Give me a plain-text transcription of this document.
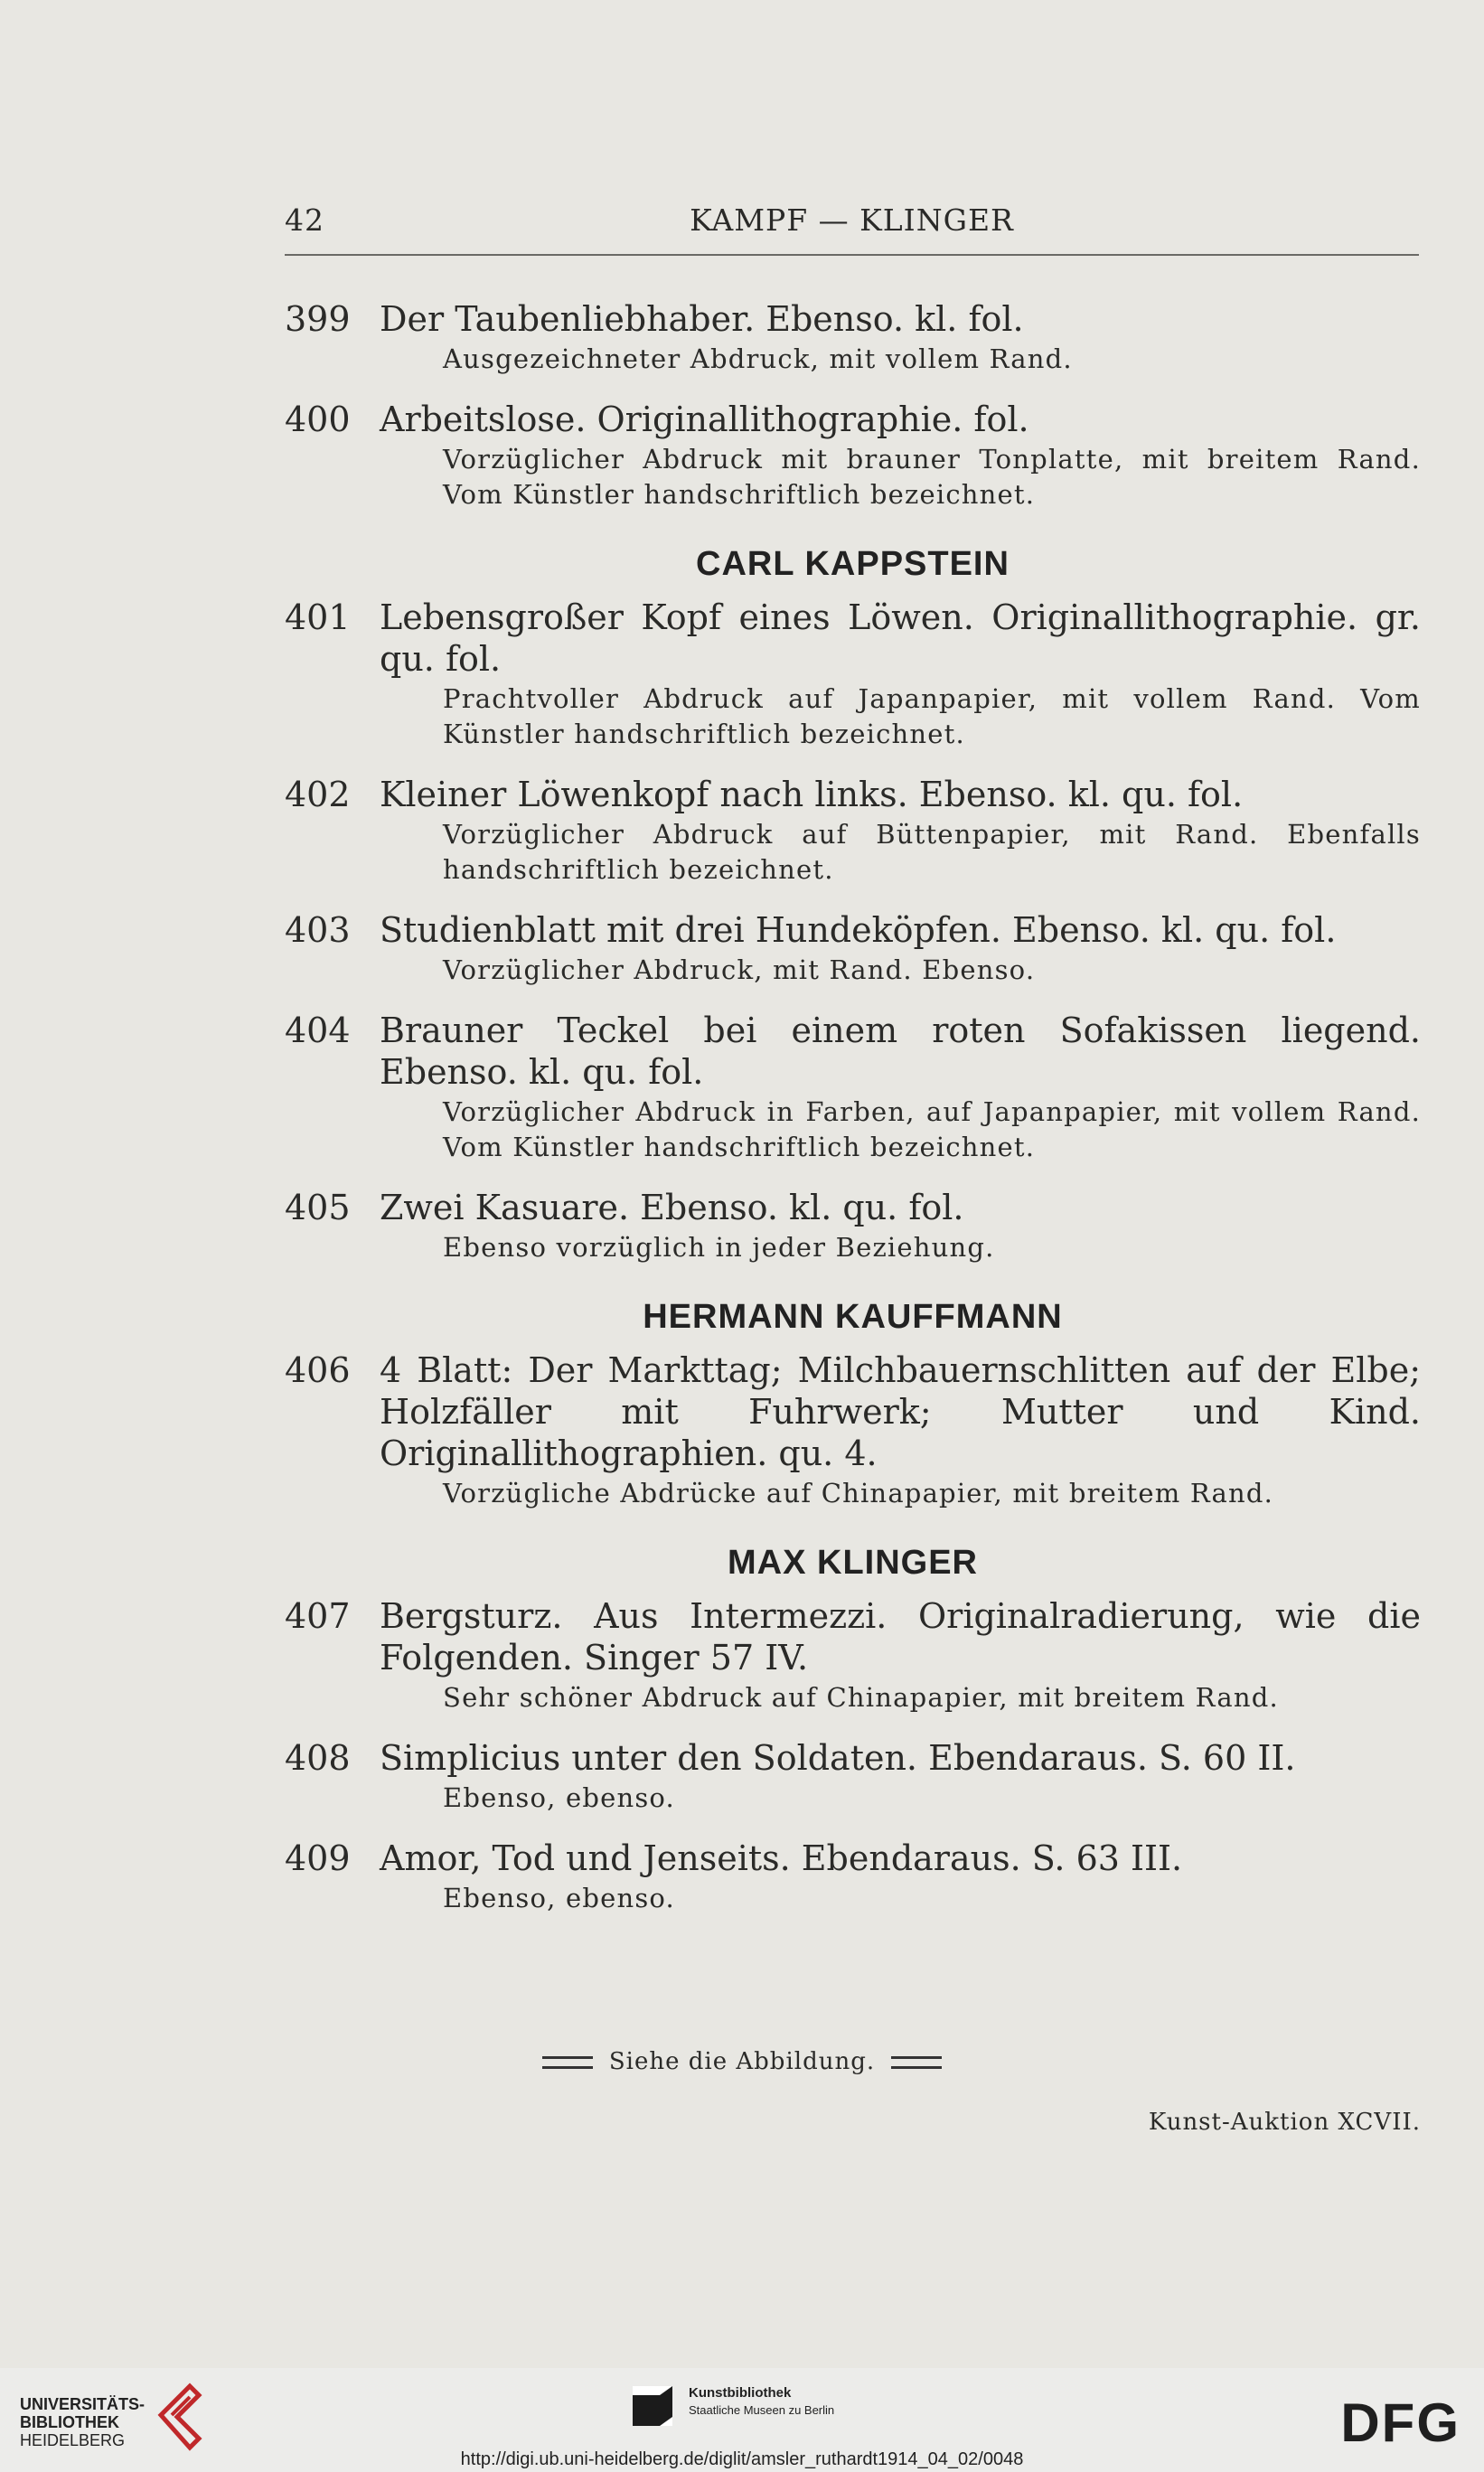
42	KAMPF — KLINGER
399 Der Taubenliebhaber. Ebenso. kl. fol.
Ausgezeichneter Abdruck, mit vollem Rand.
400 Arbeitslose. Originallithographie. fol.
Vorzüglicher Abdruck mit brauner Tonplatte, mit breitem Rand. Vom Künstler handschriftlich bezeichnet.
CARL KAPPSTEIN
401 Lebensgroßer Kopf eines Löwen. Originallithographie. gr. qu. fol.
Prachtvoller Abdruck auf Japanpapier, mit vollem Rand. Vom Künstler handschriftlich bezeichnet.
402 Kleiner Löwenkopf nach links. Ebenso. kl. qu. fol.
Vorzüglicher Abdruck auf Büttenpapier, mit Rand. Ebenfalls handschriftlich bezeichnet.
403 Studienblatt mit drei Hundeköpfen. Ebenso. kl. qu. fol.
Vorzüglicher Abdruck, mit Rand. Ebenso.
404 Brauner Teckel bei einem roten Sofakissen liegend. Ebenso. kl. qu. fol.
Vorzüglicher Abdruck in Farben, auf Japanpapier, mit vollem Rand. Vom Künstler handschriftlich bezeichnet.
405 Zwei Kasuare. Ebenso. kl. qu. fol.
Ebenso vorzüglich in jeder Beziehung.
HERMANN KAUFFMANN
406 4 Blatt: Der Markttag; Milchbauernschlitten auf der Elbe; Holzfäller mit Fuhrwerk; Mutter und Kind. Originallithographien. qu. 4.
Vorzügliche Abdrücke auf Chinapapier, mit breitem Rand.
MAX KLINGER
407 Bergsturz. Aus Intermezzi. Originalradierung, wie die Folgenden. Singer 57 IV.
Sehr schöner Abdruck auf Chinapapier, mit breitem Rand.
408 Simplicius unter den Soldaten. Ebendaraus. S. 60 II.
Ebenso, ebenso.
409 Amor, Tod und Jenseits. Ebendaraus. S. 63 III.
Ebenso, ebenso.
Siehe die Abbildung.
Kunst-Auktion XCVII.
UNIVERSITÄTS-
BIBLIOTHEK
HEIDELBERG
Kunstbibliothek
Staatliche Museen zu Berlin	DFG
http://digi.ub.uni-heidelberg.de/diglit/amsler_ruthardt1914_04_02/0048
